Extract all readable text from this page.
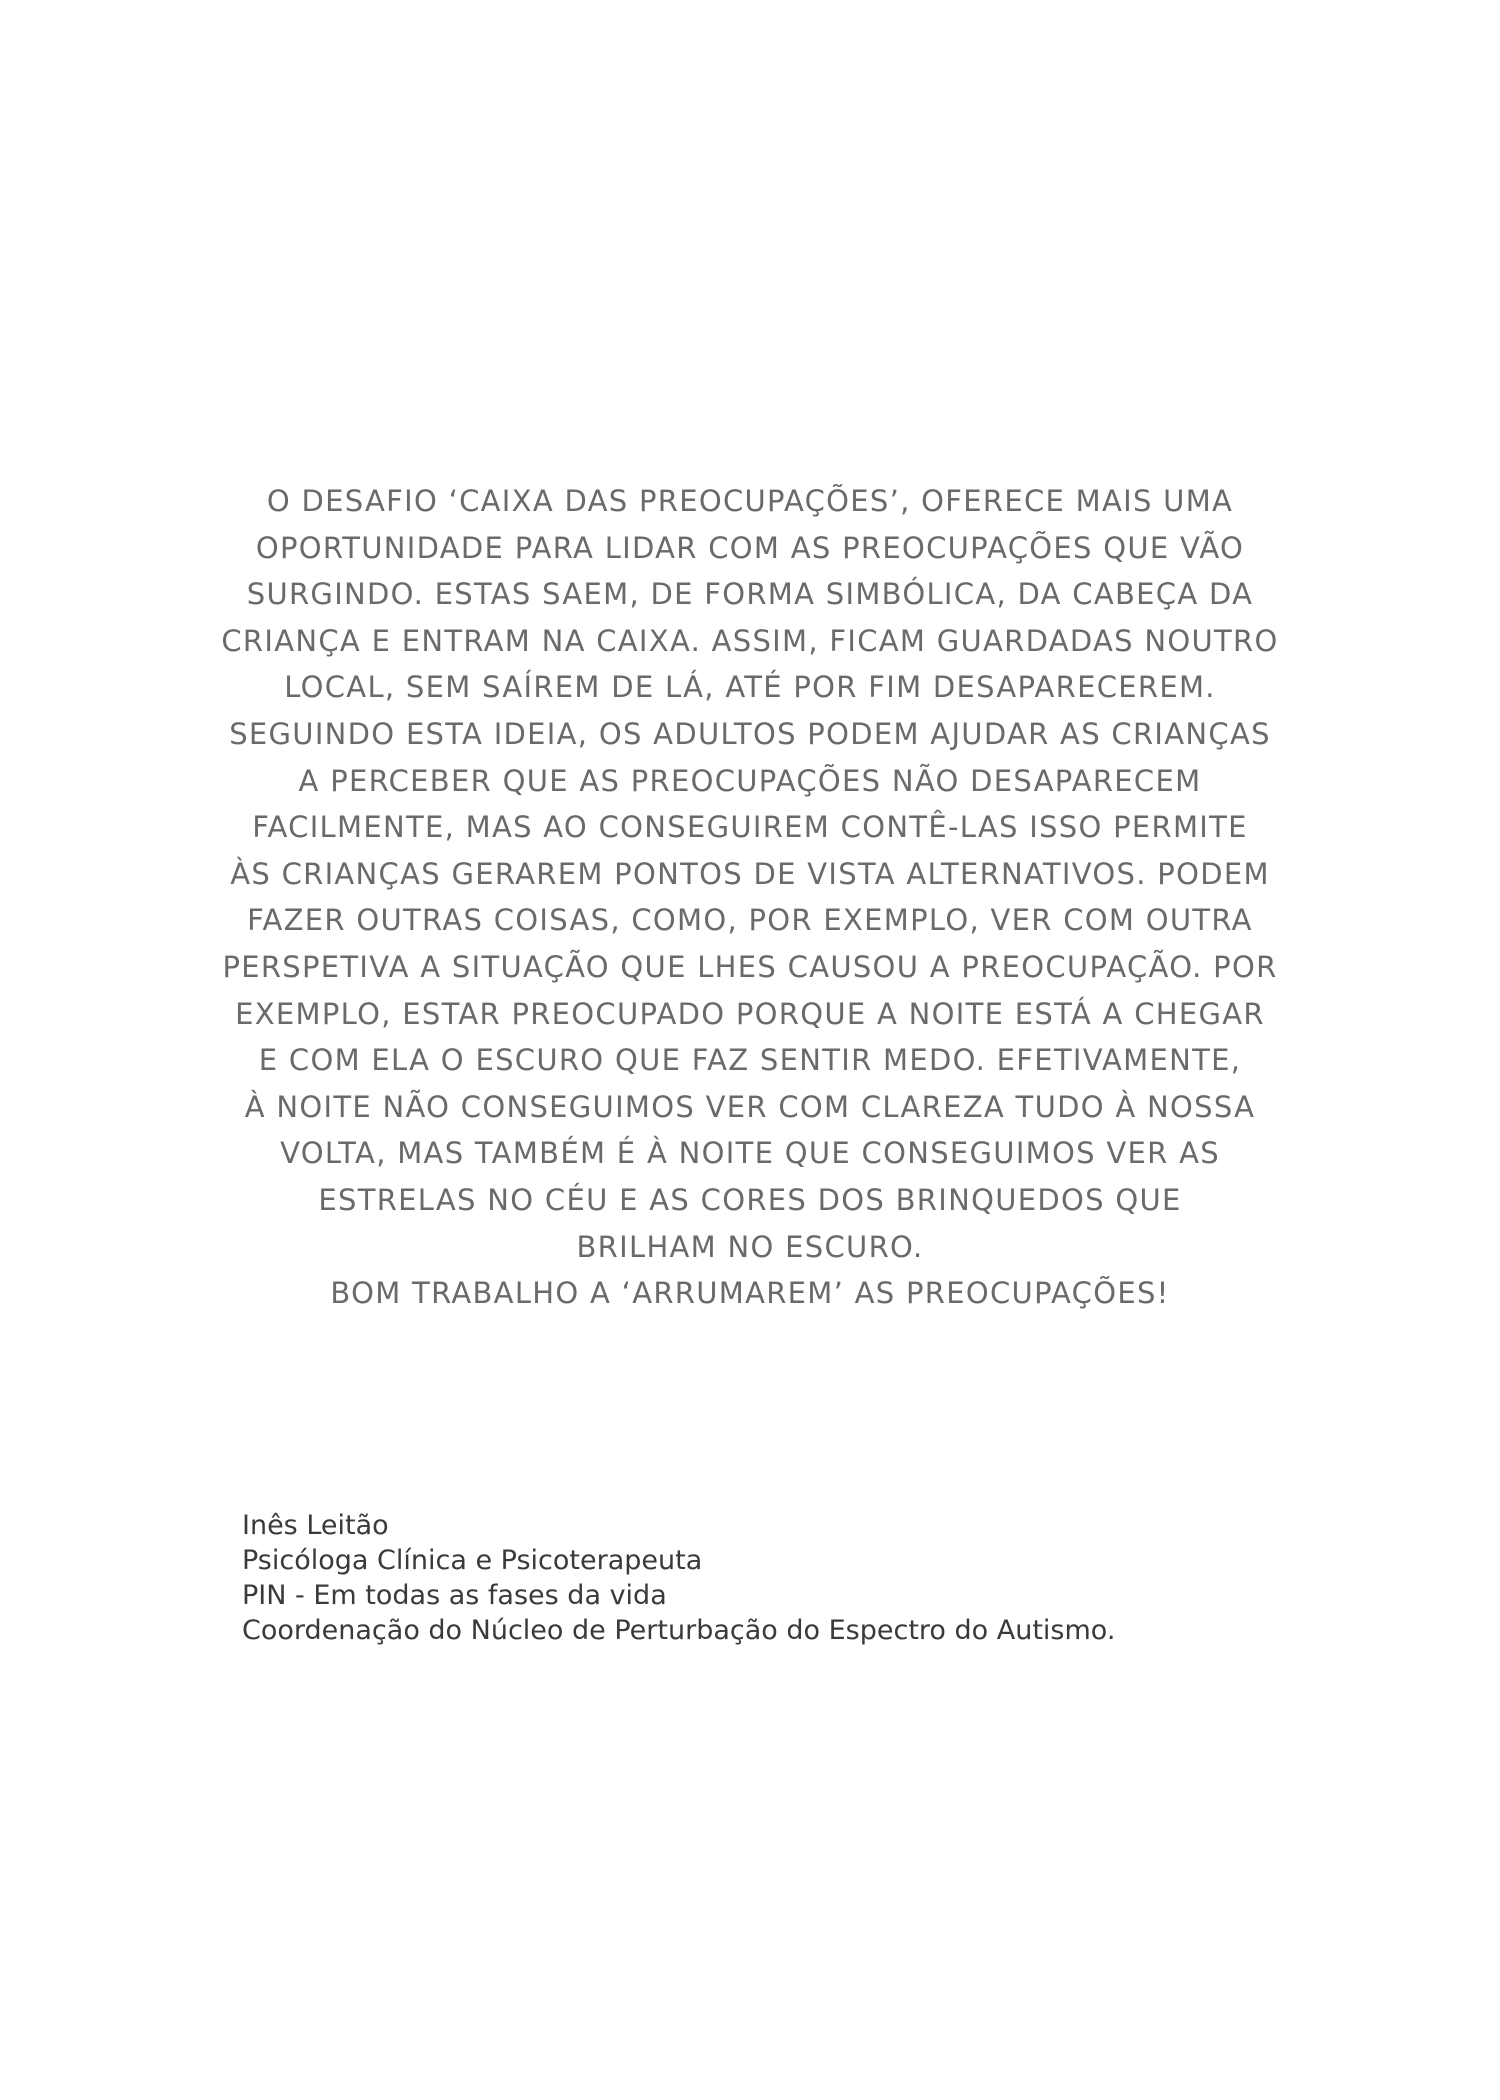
O DESAFIO ‘CAIXA DAS PREOCUPAÇÕES’, OFERECE MAIS UMA
OPORTUNIDADE PARA LIDAR COM AS PREOCUPAÇÕES QUE VÃO
SURGINDO. ESTAS SAEM, DE FORMA SIMBÓLICA, DA CABEÇA DA
CRIANÇA E ENTRAM NA CAIXA. ASSIM, FICAM GUARDADAS NOUTRO
LOCAL, SEM SAÍREM DE LÁ, ATÉ POR FIM DESAPARECEREM.
SEGUINDO ESTA IDEIA, OS ADULTOS PODEM AJUDAR AS CRIANÇAS
A PERCEBER QUE AS PREOCUPAÇÕES NÃO DESAPARECEM
FACILMENTE, MAS AO CONSEGUIREM CONTÊ-LAS ISSO PERMITE
ÀS CRIANÇAS GERAREM PONTOS DE VISTA ALTERNATIVOS. PODEM
FAZER OUTRAS COISAS, COMO, POR EXEMPLO, VER COM OUTRA
PERSPETIVA A SITUAÇÃO QUE LHES CAUSOU A PREOCUPAÇÃO. POR
EXEMPLO, ESTAR PREOCUPADO PORQUE A NOITE ESTÁ A CHEGAR
E COM ELA O ESCURO QUE FAZ SENTIR MEDO. EFETIVAMENTE,
À NOITE NÃO CONSEGUIMOS VER COM CLAREZA TUDO À NOSSA
VOLTA, MAS TAMBÉM É À NOITE QUE CONSEGUIMOS VER AS
ESTRELAS NO CÉU E AS CORES DOS BRINQUEDOS QUE
BRILHAM NO ESCURO.
BOM TRABALHO A ‘ARRUMAREM’ AS PREOCUPAÇÕES!
Inês Leitão
Psicóloga Clínica e Psicoterapeuta
PIN - Em todas as fases da vida
Coordenação do Núcleo de Perturbação do Espectro do Autismo.
